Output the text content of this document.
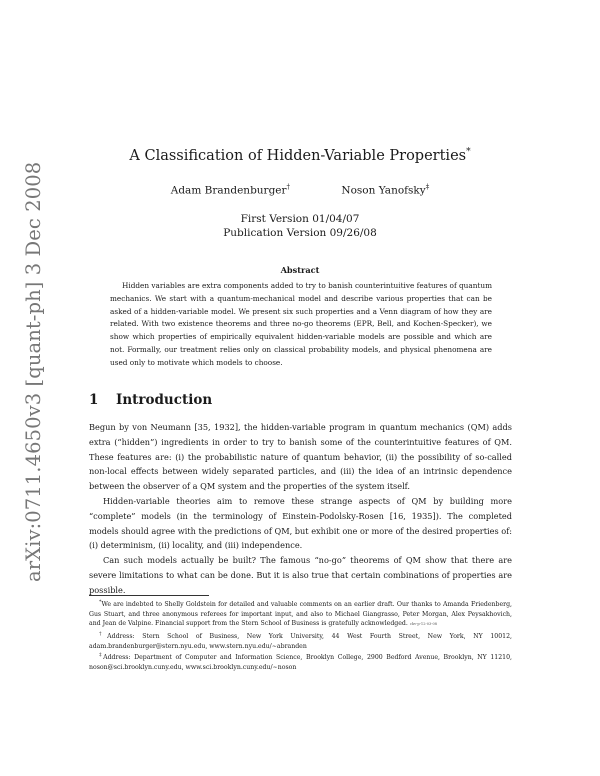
arXiv:0711.4650v3 [quant-ph] 3 Dec 2008
A Classification of Hidden-Variable Properties*
Adam Brandenburger†	Noson Yanofsky‡
First Version 01/04/07
Publication Version 09/26/08
Abstract
Hidden variables are extra components added to try to banish counterintuitive features of quantum mechanics. We start with a quantum-mechanical model and describe various properties that can be asked of a hidden-variable model. We present six such properties and a Venn diagram of how they are related. With two existence theorems and three no-go theorems (EPR, Bell, and Kochen-Specker), we show which properties of empirically equivalent hidden-variable models are possible and which are not. Formally, our treatment relies only on classical probability models, and physical phenomena are used only to motivate which models to choose.
1 Introduction

Begun by von Neumann [35, 1932], the hidden-variable program in quantum mechanics (QM) adds extra (“hidden”) ingredients in order to try to banish some of the counterintuitive features of QM. These features are: (i) the probabilistic nature of quantum behavior, (ii) the possibility of so-called non-local effects between widely separated particles, and (iii) the idea of an intrinsic dependence between the observer of a QM system and the properties of the system itself.

Hidden-variable theories aim to remove these strange aspects of QM by building more “complete” models (in the terminology of Einstein-Podolsky-Rosen [16, 1935]). The completed models should agree with the predictions of QM, but exhibit one or more of the desired properties of: (i) determinism, (ii) locality, and (iii) independence.

Can such models actually be built? The famous “no-go” theorems of QM show that there are severe limitations to what can be done. But it is also true that certain combinations of properties are possible.

*We are indebted to Shelly Goldstein for detailed and valuable comments on an earlier draft. Our thanks to Amanda Friedenberg, Gus Stuart, and three anonymous referees for important input, and also to Michael Giangrasso, Peter Morgan, Alex Peysakhovich, and Jean de Valpine. Financial support from the Stern School of Business is gratefully acknowledged. chv-p-12-03-08

†Address: Stern School of Business, New York University, 44 West Fourth Street, New York, NY 10012, adam.brandenburger@stern.nyu.edu, www.stern.nyu.edu/∼abranden

‡Address: Department of Computer and Information Science, Brooklyn College, 2900 Bedford Avenue, Brooklyn, NY 11210, noson@sci.brooklyn.cuny.edu, www.sci.brooklyn.cuny.edu/∼noson
